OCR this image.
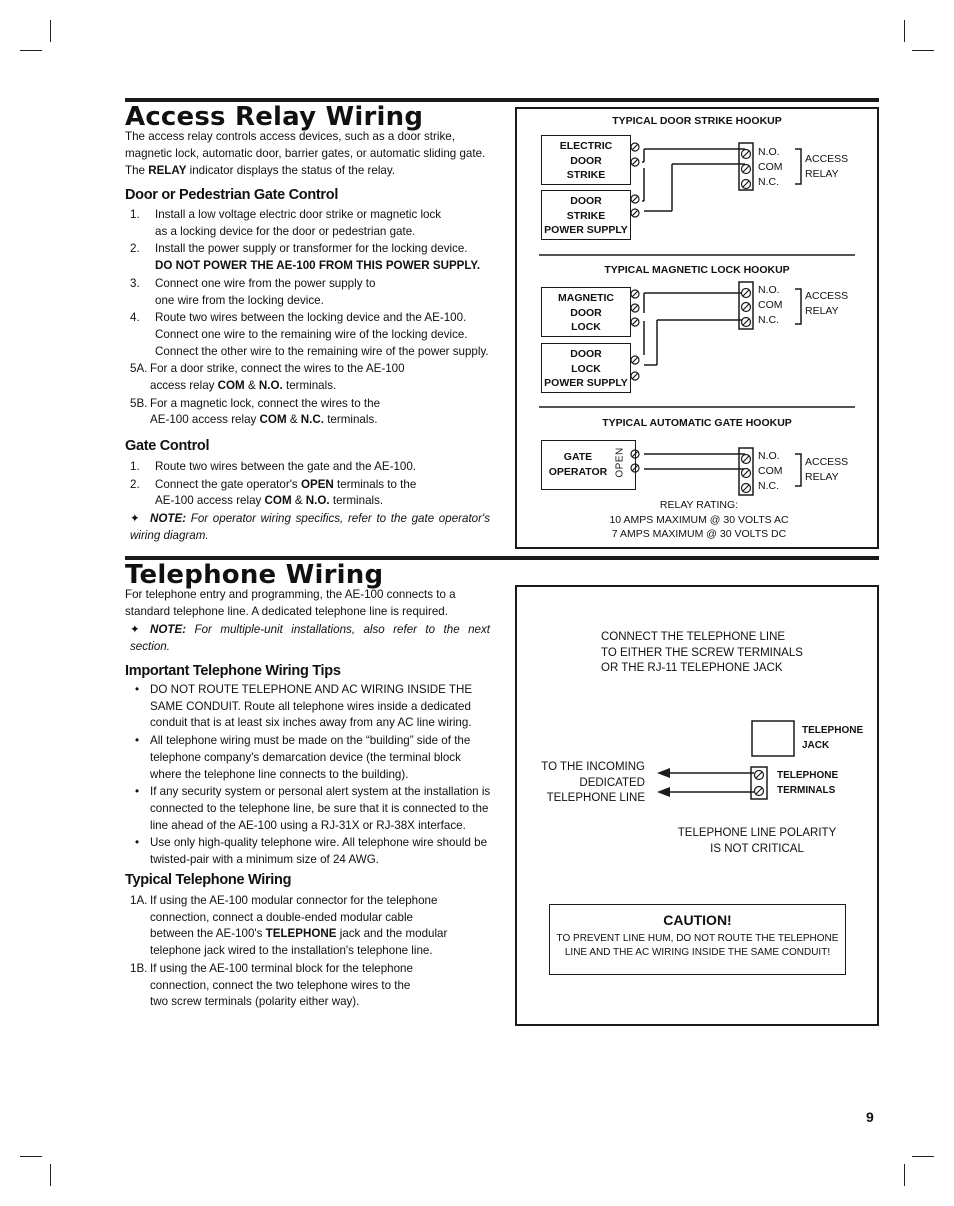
Access Relay Wiring
The access relay controls access devices, such as a door strike, magnetic lock, automatic door, barrier gates, or automatic sliding gate. The RELAY indicator displays the status of the relay.
Door or Pedestrian Gate Control
1.	Install a low voltage electric door strike or magnetic lock
as a locking device for the door or pedestrian gate.
2.	Install the power supply or transformer for the locking device.
DO NOT POWER THE AE-100 FROM THIS POWER SUPPLY.
3.	Connect one wire from the power supply to
one wire from the locking device.
4.	Route two wires between the locking device and the AE-100.
Connect one wire to the remaining wire of the locking device.
Connect the other wire to the remaining wire of the power supply.
5A. For a door strike, connect the wires to the AE-100
access relay COM & N.O. terminals.
5B. For a magnetic lock, connect the wires to the
AE-100 access relay COM & N.C. terminals.
Gate Control
1.	Route two wires between the gate and the AE-100.
2.	Connect the gate operator's OPEN terminals to the
AE-100 access relay COM & N.O. terminals.
✦ NOTE: For operator wiring specifics, refer to the gate operator's wiring diagram.
TYPICAL DOOR STRIKE HOOKUP
ELECTRIC
DOOR
STRIKE
DOOR
STRIKE
POWER SUPPLY
N.O.
COM
N.C.
ACCESS
RELAY
TYPICAL MAGNETIC LOCK HOOKUP
MAGNETIC
DOOR
LOCK
DOOR
LOCK
POWER SUPPLY
N.O.
COM
N.C.
ACCESS
RELAY
TYPICAL AUTOMATIC GATE HOOKUP
GATE
OPERATOR OPEN	N.O.
COM
N.C.
ACCESS
RELAY
RELAY RATING:
10 AMPS MAXIMUM @ 30 VOLTS AC
7 AMPS MAXIMUM @ 30 VOLTS DC
Telephone Wiring
For telephone entry and programming, the AE-100 connects to a standard telephone line. A dedicated telephone line is required.
✦ NOTE: For multiple-unit installations, also refer to the next section.
Important Telephone Wiring Tips
• DO NOT ROUTE TELEPHONE AND AC WIRING INSIDE THE SAME CONDUIT. Route all telephone wires inside a dedicated conduit that is at least six inches away from any AC line wiring.
• All telephone wiring must be made on the “building” side of the telephone company's demarcation device (the terminal block where the telephone line connects to the building).
• If any security system or personal alert system at the installation is connected to the telephone line, be sure that it is connected to the line ahead of the AE-100 using a RJ-31X or RJ-38X interface.
• Use only high-quality telephone wire. All telephone wire should be twisted-pair with a minimum size of 24 AWG.
Typical Telephone Wiring
1A. If using the AE-100 modular connector for the telephone
connection, connect a double-ended modular cable
between the AE-100's TELEPHONE jack and the modular
telephone jack wired to the installation's telephone line.
1B. If using the AE-100 terminal block for the telephone
connection, connect the two telephone wires to the
two screw terminals (polarity either way).
CONNECT THE TELEPHONE LINE
TO EITHER THE SCREW TERMINALS
OR THE RJ-11 TELEPHONE JACK
TELEPHONE
JACK
TELEPHONE
TERMINALS
TO THE INCOMING
DEDICATED
TELEPHONE LINE
TELEPHONE LINE POLARITY
IS NOT CRITICAL
CAUTION!
TO PREVENT LINE HUM, DO NOT ROUTE THE TELEPHONE
LINE AND THE AC WIRING INSIDE THE SAME CONDUIT!
9
